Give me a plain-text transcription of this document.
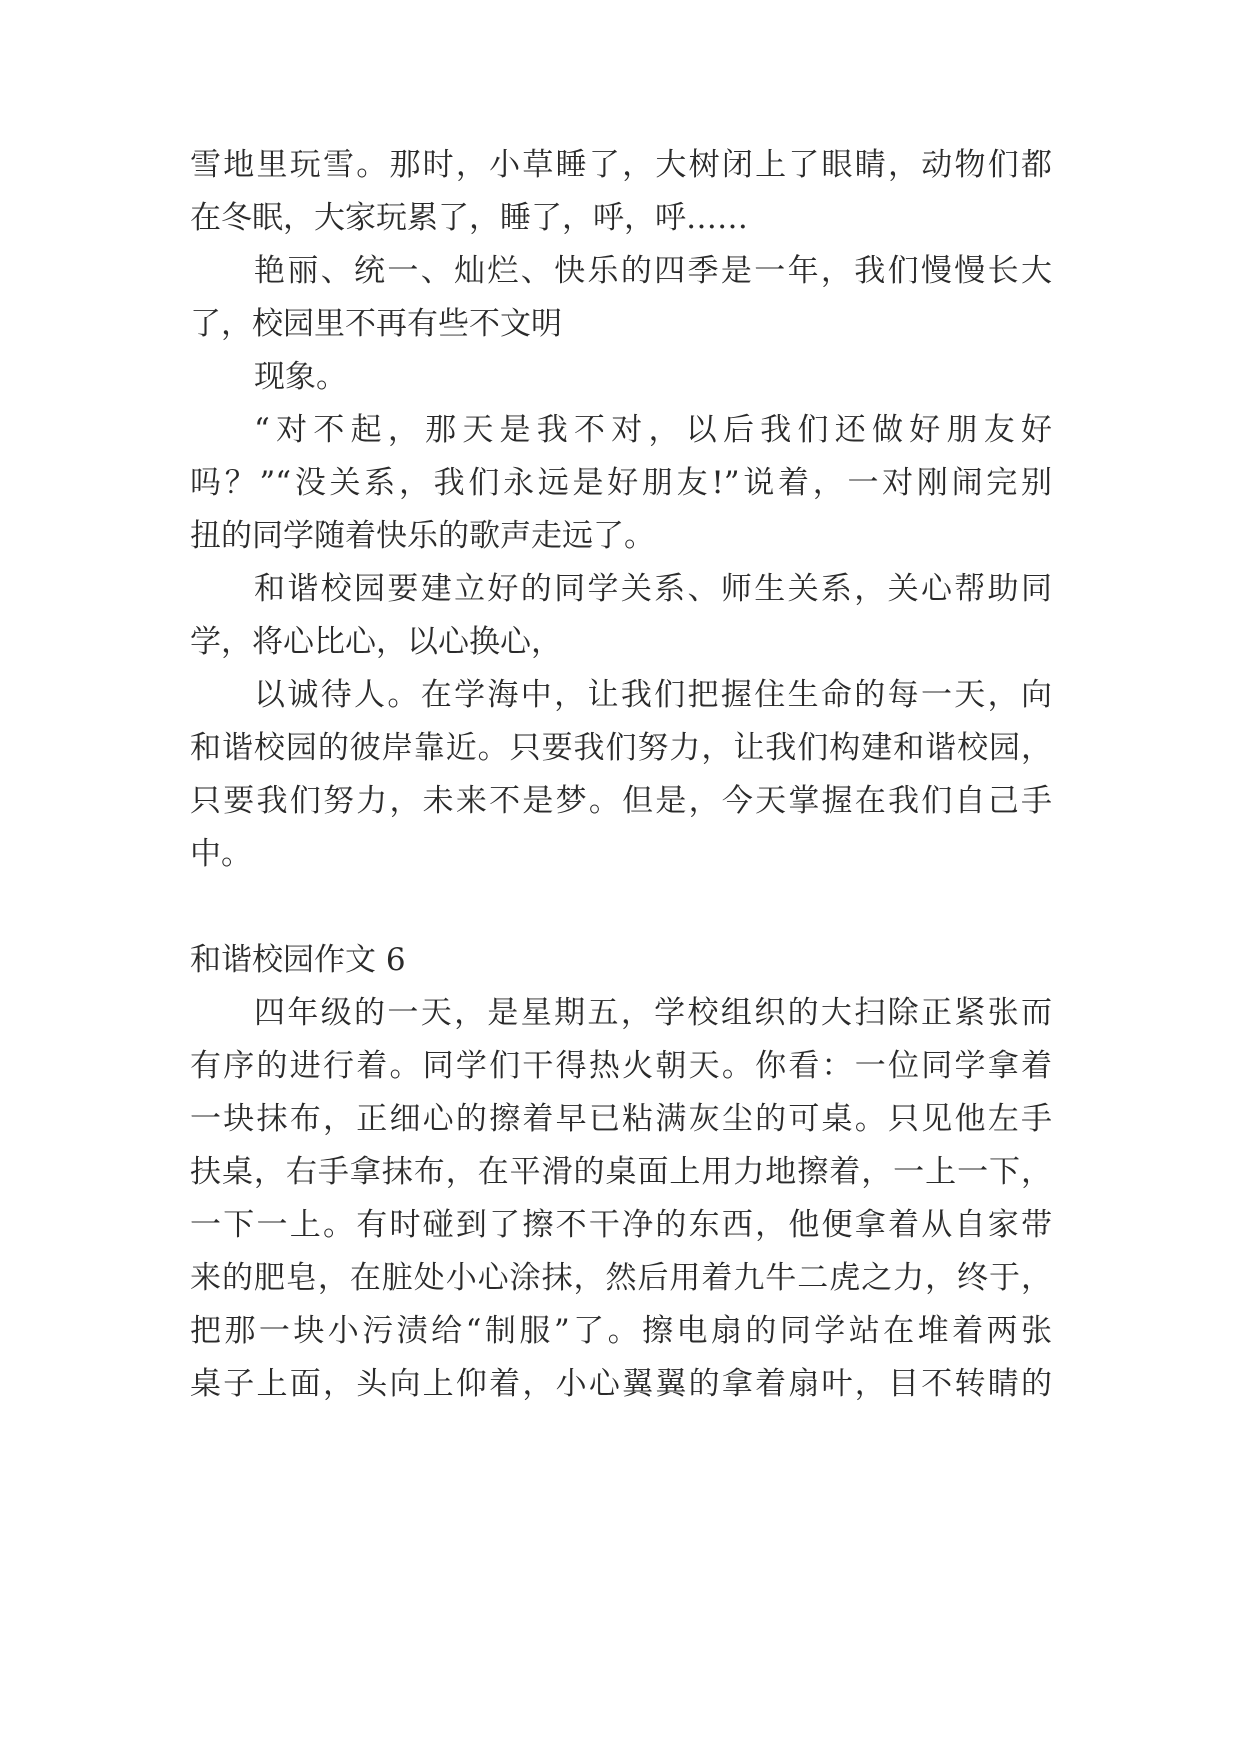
雪地里玩雪。那时，小草睡了，大树闭上了眼睛，动物们都
在冬眠，大家玩累了，睡了，呼，呼……
艳丽、统一、灿烂、快乐的四季是一年，我们慢慢长大
了，校园里不再有些不文明
现象。
“对不起，那天是我不对，以后我们还做好朋友好
吗？”“没关系，我们永远是好朋友!”说着，一对刚闹完别
扭的同学随着快乐的歌声走远了。
和谐校园要建立好的同学关系、师生关系，关心帮助同
学，将心比心，以心换心，
以诚待人。在学海中，让我们把握住生命的每一天，向
和谐校园的彼岸靠近。只要我们努力，让我们构建和谐校园，
只要我们努力，未来不是梦。但是，今天掌握在我们自己手
中。
和谐校园作文 6
四年级的一天，是星期五，学校组织的大扫除正紧张而
有序的进行着。同学们干得热火朝天。你看：一位同学拿着
一块抹布，正细心的擦着早已粘满灰尘的可桌。只见他左手
扶桌，右手拿抹布，在平滑的桌面上用力地擦着，一上一下，
一下一上。有时碰到了擦不干净的东西，他便拿着从自家带
来的肥皂，在脏处小心涂抹，然后用着九牛二虎之力，终于，
把那一块小污渍给“制服”了。擦电扇的同学站在堆着两张
桌子上面，头向上仰着，小心翼翼的拿着扇叶，目不转睛的
